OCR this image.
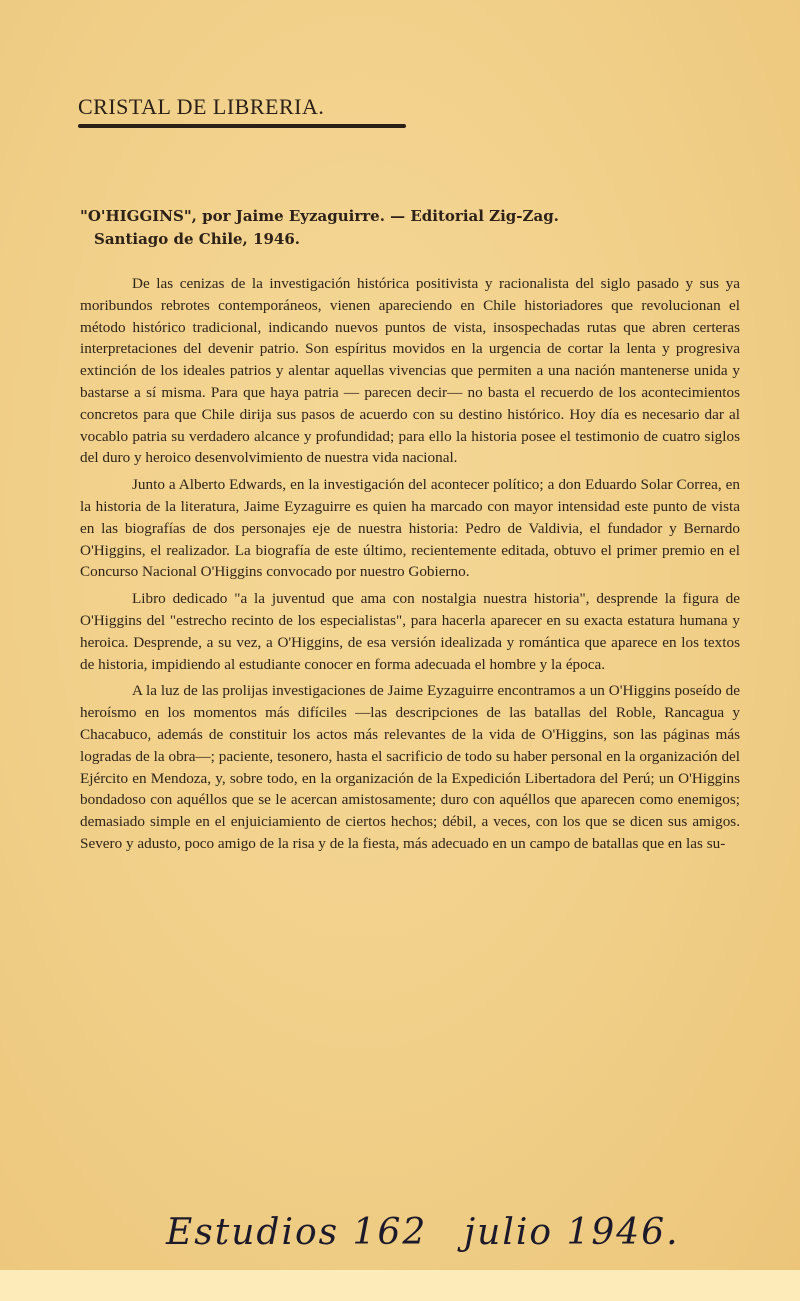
CRISTAL DE LIBRERIA.
"O'HIGGINS", por Jaime Eyzaguirre. — Editorial Zig-Zag.
Santiago de Chile, 1946.

De las cenizas de la investigación histórica positivista y racionalista del siglo pasado y sus ya moribundos rebrotes contemporáneos, vienen apareciendo en Chile historiadores que revolucionan el método histórico tradicional, indicando nuevos puntos de vista, insospechadas rutas que abren certeras interpretaciones del devenir patrio. Son espíritus movidos en la urgencia de cortar la lenta y progresiva extinción de los ideales patrios y alentar aquellas vivencias que permiten a una nación mantenerse unida y bastarse a sí misma. Para que haya patria — parecen decir— no basta el recuerdo de los acontecimientos concretos para que Chile dirija sus pasos de acuerdo con su destino histórico. Hoy día es necesario dar al vocablo patria su verdadero alcance y profundidad; para ello la historia posee el testimonio de cuatro siglos del duro y heroico desenvolvimiento de nuestra vida nacional.

Junto a Alberto Edwards, en la investigación del acontecer político; a don Eduardo Solar Correa, en la historia de la literatura, Jaime Eyzaguirre es quien ha marcado con mayor intensidad este punto de vista en las biografías de dos personajes eje de nuestra historia: Pedro de Valdivia, el fundador y Bernardo O'Higgins, el realizador. La biografía de este último, recientemente editada, obtuvo el primer premio en el Concurso Nacional O'Higgins convocado por nuestro Gobierno.

Libro dedicado "a la juventud que ama con nostalgia nuestra historia", desprende la figura de O'Higgins del "estrecho recinto de los especialistas", para hacerla aparecer en su exacta estatura humana y heroica. Desprende, a su vez, a O'Higgins, de esa versión idealizada y romántica que aparece en los textos de historia, impidiendo al estudiante conocer en forma adecuada el hombre y la época.

A la luz de las prolijas investigaciones de Jaime Eyzaguirre encontramos a un O'Higgins poseído de heroísmo en los momentos más difíciles —las descripciones de las batallas del Roble, Rancagua y Chacabuco, además de constituir los actos más relevantes de la vida de O'Higgins, son las páginas más logradas de la obra—; paciente, tesonero, hasta el sacrificio de todo su haber personal en la organización del Ejército en Mendoza, y, sobre todo, en la organización de la Expedición Libertadora del Perú; un O'Higgins bondadoso con aquéllos que se le acercan amistosamente; duro con aquéllos que aparecen como enemigos; demasiado simple en el enjuiciamiento de ciertos hechos; débil, a veces, con los que se dicen sus amigos. Severo y adusto, poco amigo de la risa y de la fiesta, más adecuado en un campo de batallas que en las su-

Estudios 162 julio 1946.
